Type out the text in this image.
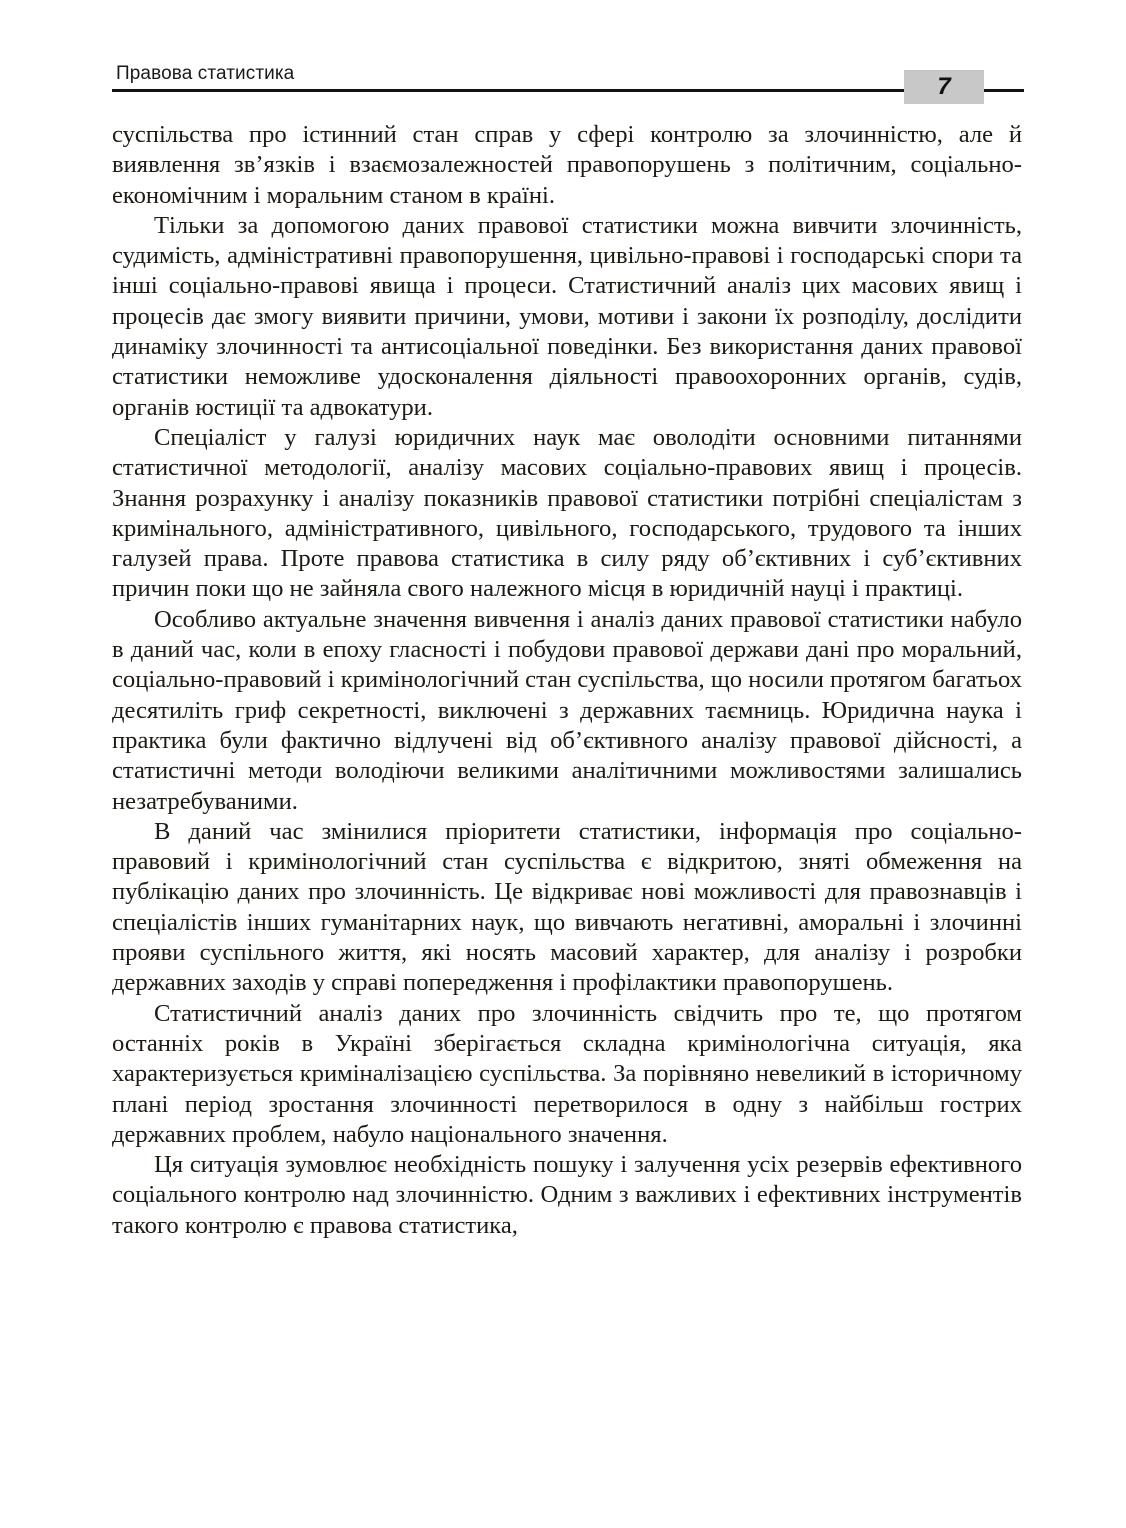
Правова статистика	7

суспільства про істинний стан справ у сфері контролю за злочинністю, але й виявлення зв’язків і взаємозалежностей правопорушень з політичним, соціально-економічним і моральним станом в країні.

Тільки за допомогою даних правової статистики можна вивчити злочинність, судимість, адміністративні правопорушення, цивільно-правові і господарські спори та інші соціально-правові явища і процеси. Статистичний аналіз цих масових явищ і процесів дає змогу виявити причини, умови, мотиви і закони їх розподілу, дослідити динаміку злочинності та антисоціальної поведінки. Без використання даних правової статистики неможливе удосконалення діяльності правоохоронних органів, судів, органів юстиції та адвокатури.

Спеціаліст у галузі юридичних наук має оволодіти основними питаннями статистичної методології, аналізу масових соціально-правових явищ і процесів. Знання розрахунку і аналізу показників правової статистики потрібні спеціалістам з кримінального, адміністративного, цивільного, господарського, трудового та інших галузей права. Проте правова статистика в силу ряду об’єктивних і суб’єктивних причин поки що не зайняла свого належного місця в юридичній науці і практиці.

Особливо актуальне значення вивчення і аналіз даних правової статистики набуло в даний час, коли в епоху гласності і побудови правової держави дані про моральний, соціально-правовий і кримінологічний стан суспільства, що носили протягом багатьох десятиліть гриф секретності, виключені з державних таємниць. Юридична наука і практика були фактично відлучені від об’єктивного аналізу правової дійсності, а статистичні методи володіючи великими аналітичними можливостями залишались незатребуваними.

В даний час змінилися пріоритети статистики, інформація про соціально-правовий і кримінологічний стан суспільства є відкритою, зняті обмеження на публікацію даних про злочинність. Це відкриває нові можливості для правознавців і спеціалістів інших гуманітарних наук, що вивчають негативні, аморальні і злочинні прояви суспільного життя, які носять масовий характер, для аналізу і розробки державних заходів у справі попередження і профілактики правопорушень.

Статистичний аналіз даних про злочинність свідчить про те, що протягом останніх років в Україні зберігається складна кримінологічна ситуація, яка характеризується криміналізацією суспільства. За порівняно невеликий в історичному плані період зростання злочинності перетворилося в одну з найбільш гострих державних проблем, набуло національного значення.

Ця ситуація зумовлює необхідність пошуку і залучення усіх резервів ефективного соціального контролю над злочинністю. Одним з важливих і ефективних інструментів такого контролю є правова статистика,
